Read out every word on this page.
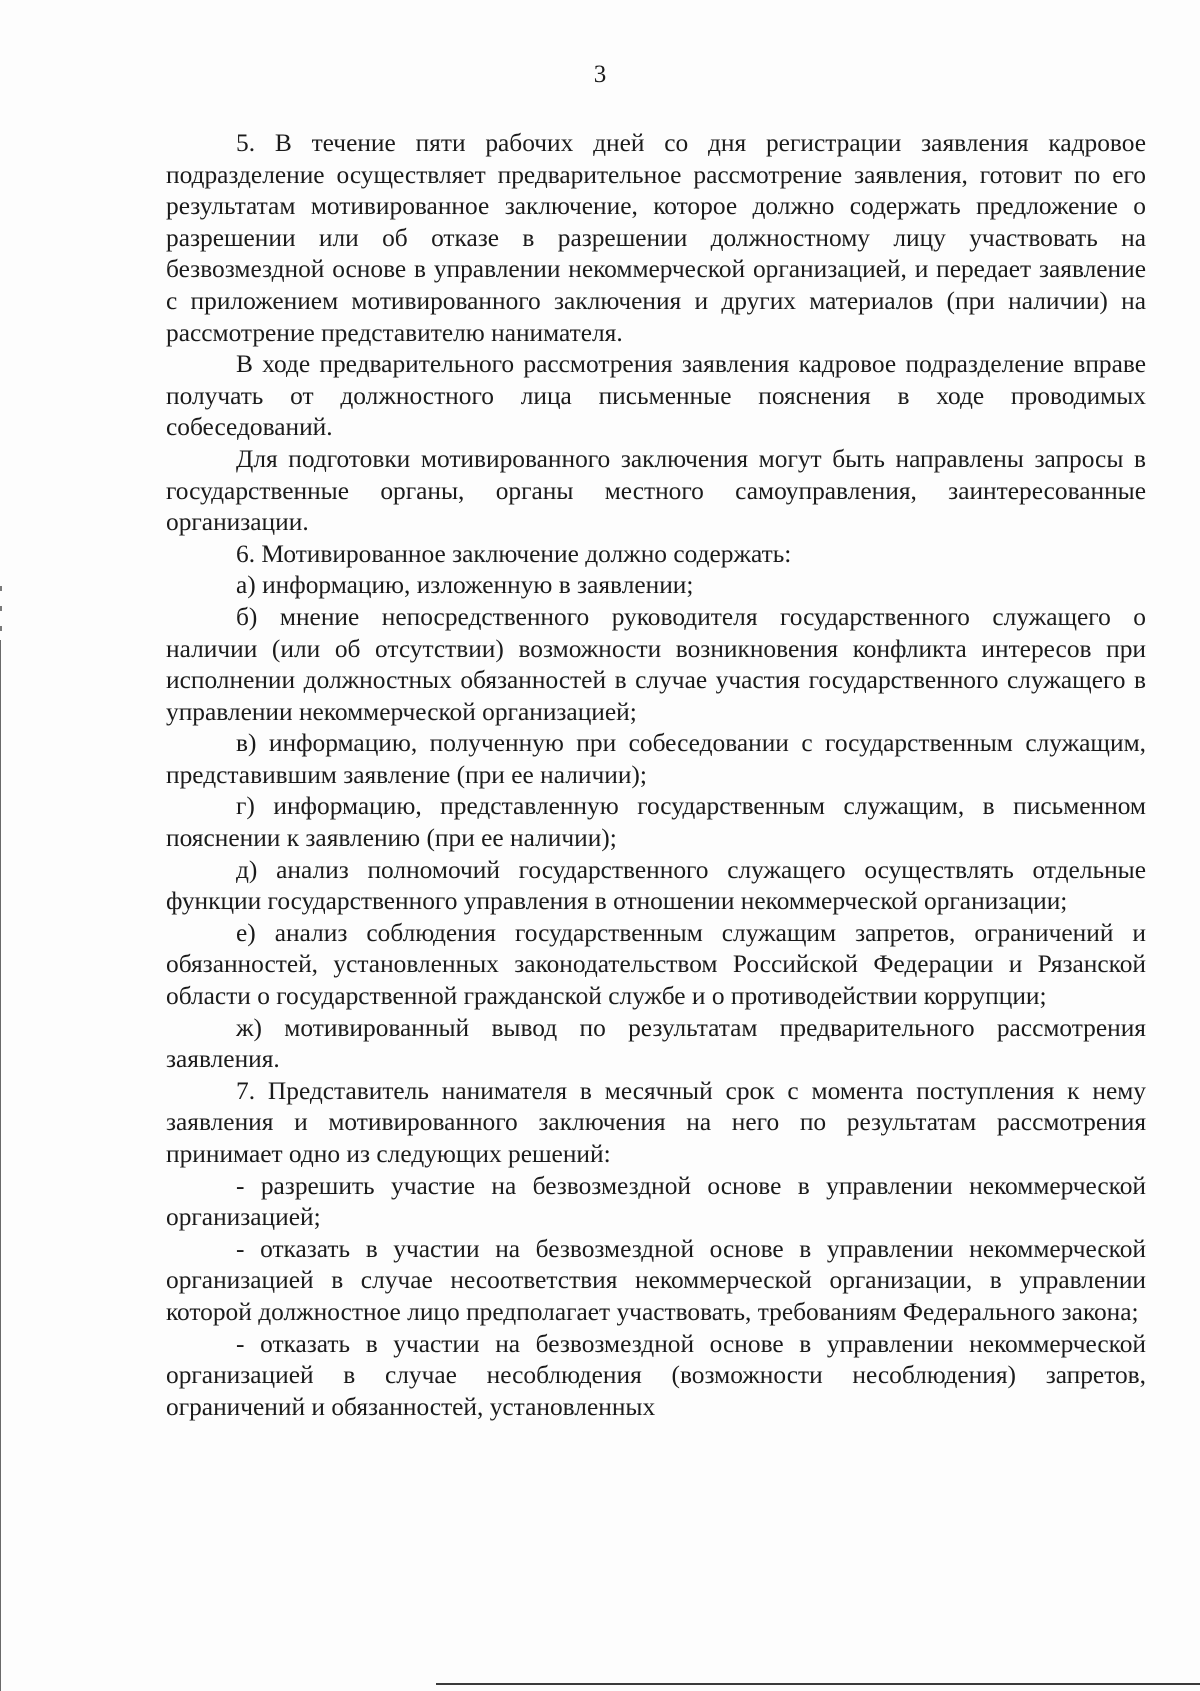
3

5. В течение пяти рабочих дней со дня регистрации заявления кадровое подразделение осуществляет предварительное рассмотрение заявления, готовит по его результатам мотивированное заключение, которое должно содержать предложение о разрешении или об отказе в разрешении должностному лицу участвовать на безвозмездной основе в управлении некоммерческой организацией, и передает заявление с приложением мотивированного заключения и других материалов (при наличии) на рассмотрение представителю нанимателя.

В ходе предварительного рассмотрения заявления кадровое подразделение вправе получать от должностного лица письменные пояснения в ходе проводимых собеседований.

Для подготовки мотивированного заключения могут быть направлены запросы в государственные органы, органы местного самоуправления, заинтересованные организации.

6. Мотивированное заключение должно содержать:

а) информацию, изложенную в заявлении;

б) мнение непосредственного руководителя государственного служащего о наличии (или об отсутствии) возможности возникновения конфликта интересов при исполнении должностных обязанностей в случае участия государственного служащего в управлении некоммерческой организацией;

в) информацию, полученную при собеседовании с государственным служащим, представившим заявление (при ее наличии);

г) информацию, представленную государственным служащим, в письменном пояснении к заявлению (при ее наличии);

д) анализ полномочий государственного служащего осуществлять отдельные функции государственного управления в отношении некоммерческой организации;

е) анализ соблюдения государственным служащим запретов, ограничений и обязанностей, установленных законодательством Российской Федерации и Рязанской области о государственной гражданской службе и о противодействии коррупции;

ж) мотивированный вывод по результатам предварительного рассмотрения заявления.

7. Представитель нанимателя в месячный срок с момента поступления к нему заявления и мотивированного заключения на него по результатам рассмотрения принимает одно из следующих решений:

- разрешить участие на безвозмездной основе в управлении некоммерческой организацией;

- отказать в участии на безвозмездной основе в управлении некоммерческой организацией в случае несоответствия некоммерческой организации, в управлении которой должностное лицо предполагает участвовать, требованиям Федерального закона;

- отказать в участии на безвозмездной основе в управлении некоммерческой организацией в случае несоблюдения (возможности несоблюдения) запретов, ограничений и обязанностей, установленных
